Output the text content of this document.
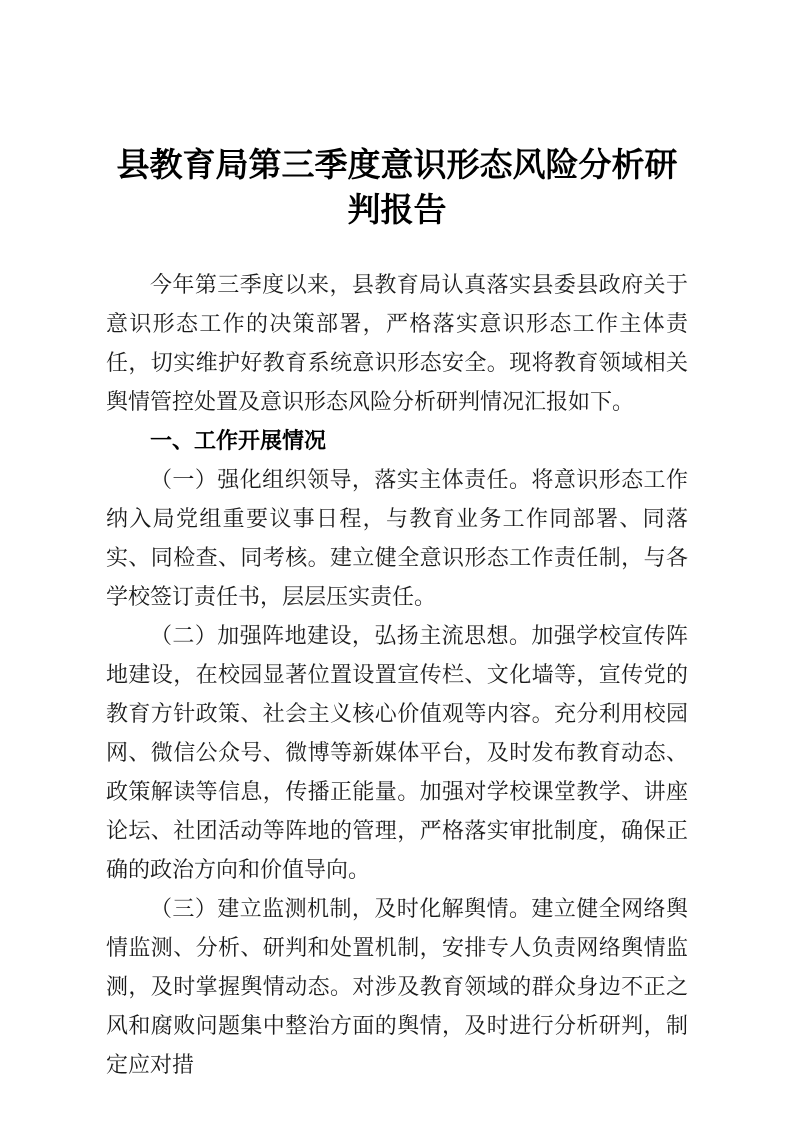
县教育局第三季度意识形态风险分析研判报告

今年第三季度以来，县教育局认真落实县委县政府关于意识形态工作的决策部署，严格落实意识形态工作主体责任，切实维护好教育系统意识形态安全。现将教育领域相关舆情管控处置及意识形态风险分析研判情况汇报如下。

一、工作开展情况

（一）强化组织领导，落实主体责任。将意识形态工作纳入局党组重要议事日程，与教育业务工作同部署、同落实、同检查、同考核。建立健全意识形态工作责任制，与各学校签订责任书，层层压实责任。

（二）加强阵地建设，弘扬主流思想。加强学校宣传阵地建设，在校园显著位置设置宣传栏、文化墙等，宣传党的教育方针政策、社会主义核心价值观等内容。充分利用校园网、微信公众号、微博等新媒体平台，及时发布教育动态、政策解读等信息，传播正能量。加强对学校课堂教学、讲座论坛、社团活动等阵地的管理，严格落实审批制度，确保正确的政治方向和价值导向。

（三）建立监测机制，及时化解舆情。建立健全网络舆情监测、分析、研判和处置机制，安排专人负责网络舆情监测，及时掌握舆情动态。对涉及教育领域的群众身边不正之风和腐败问题集中整治方面的舆情，及时进行分析研判，制定应对措
